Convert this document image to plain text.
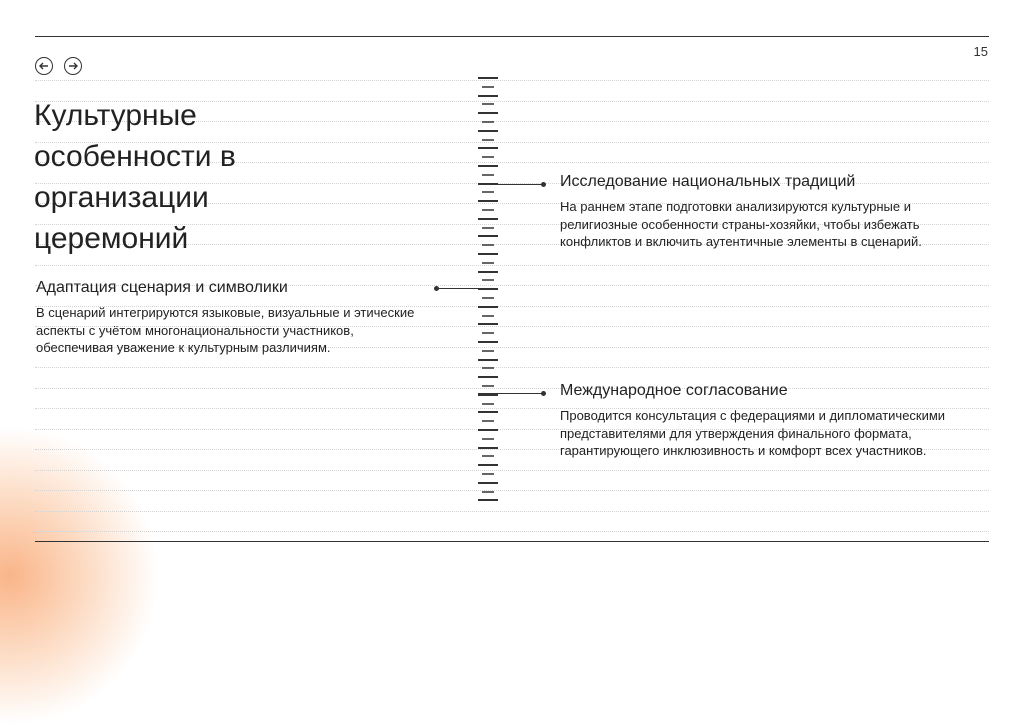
15
Культурные особенности в организации церемоний
Исследование национальных традиций
На раннем этапе подготовки анализируются культурные и религиозные особенности страны-хозяйки, чтобы избежать конфликтов и включить аутентичные элементы в сценарий.
Адаптация сценария и символики
В сценарий интегрируются языковые, визуальные и этические аспекты с учётом многонациональности участников, обеспечивая уважение к культурным различиям.
Международное согласование
Проводится консультация с федерациями и дипломатическими представителями для утверждения финального формата, гарантирующего инклюзивность и комфорт всех участников.
